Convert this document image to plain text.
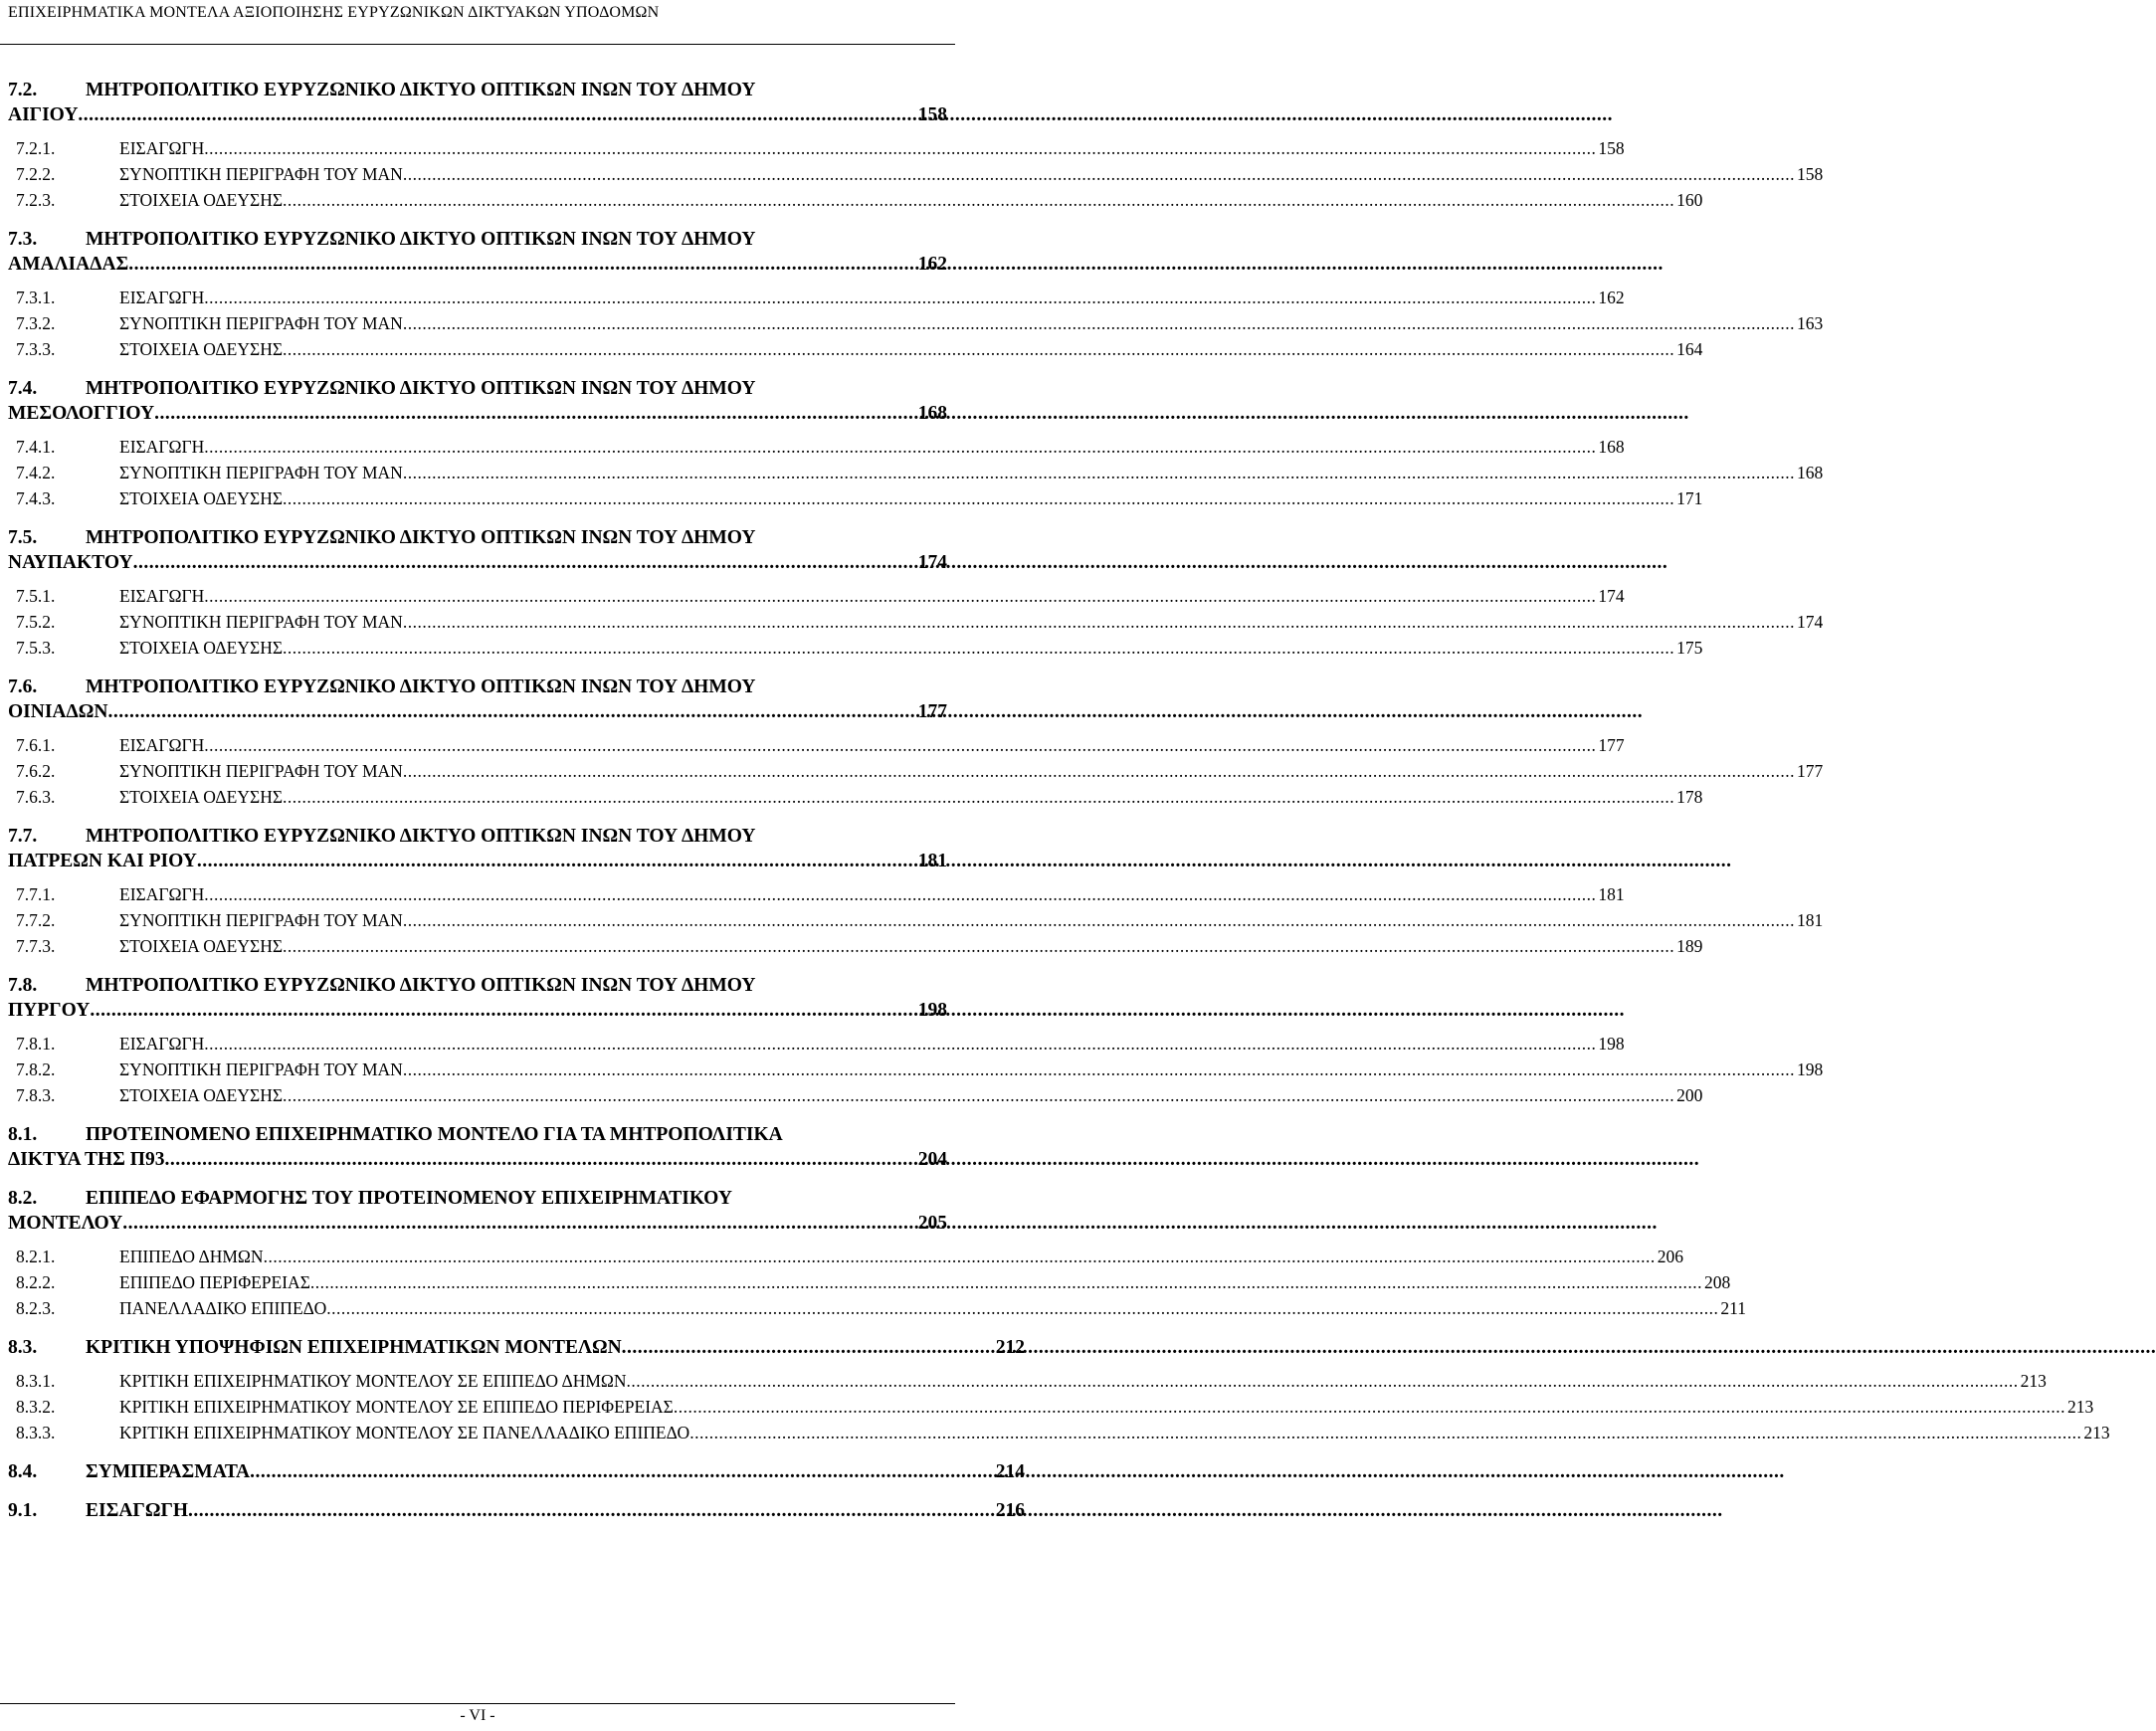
ΕΠΙΧΕΙΡΗΜΑΤΙΚΑ ΜΟΝΤΕΛΑ ΑΞΙΟΠΟΙΗΣΗΣ ΕΥΡΥΖΩΝΙΚΩΝ ΔΙΚΤΥΑΚΩΝ ΥΠΟΔΟΜΩΝ
7.2.	ΜΗΤΡΟΠΟΛΙΤΙΚΟ ΕΥΡΥΖΩΝΙΚΟ ΔΙΚΤΥΟ ΟΠΤΙΚΩΝ ΙΝΩΝ ΤΟΥ ΔΗΜΟΥ
ΑΙΓΙΟΥ .....	158
7.2.1.	ΕΙΣΑΓΩΓΗ .....	158
7.2.2.	ΣΥΝΟΠΤΙΚΗ ΠΕΡΙΓΡΑΦΗ ΤΟΥ MAN .....	158
7.2.3.	ΣΤΟΙΧΕΙΑ ΟΔΕΥΣΗΣ .....	160
7.3.	ΜΗΤΡΟΠΟΛΙΤΙΚΟ ΕΥΡΥΖΩΝΙΚΟ ΔΙΚΤΥΟ ΟΠΤΙΚΩΝ ΙΝΩΝ ΤΟΥ ΔΗΜΟΥ
ΑΜΑΛΙΑΔΑΣ .....	162
7.3.1.	ΕΙΣΑΓΩΓΗ .....	162
7.3.2.	ΣΥΝΟΠΤΙΚΗ ΠΕΡΙΓΡΑΦΗ ΤΟΥ MAN .....	163
7.3.3.	ΣΤΟΙΧΕΙΑ ΟΔΕΥΣΗΣ .....	164
7.4.	ΜΗΤΡΟΠΟΛΙΤΙΚΟ ΕΥΡΥΖΩΝΙΚΟ ΔΙΚΤΥΟ ΟΠΤΙΚΩΝ ΙΝΩΝ ΤΟΥ ΔΗΜΟΥ
ΜΕΣΟΛΟΓΓΙΟΥ .....	168
7.4.1.	ΕΙΣΑΓΩΓΗ .....	168
7.4.2.	ΣΥΝΟΠΤΙΚΗ ΠΕΡΙΓΡΑΦΗ ΤΟΥ MAN .....	168
7.4.3.	ΣΤΟΙΧΕΙΑ ΟΔΕΥΣΗΣ .....	171
7.5.	ΜΗΤΡΟΠΟΛΙΤΙΚΟ ΕΥΡΥΖΩΝΙΚΟ ΔΙΚΤΥΟ ΟΠΤΙΚΩΝ ΙΝΩΝ ΤΟΥ ΔΗΜΟΥ
ΝΑΥΠΑΚΤΟΥ .....	174
7.5.1.	ΕΙΣΑΓΩΓΗ .....	174
7.5.2.	ΣΥΝΟΠΤΙΚΗ ΠΕΡΙΓΡΑΦΗ ΤΟΥ MAN .....	174
7.5.3.	ΣΤΟΙΧΕΙΑ ΟΔΕΥΣΗΣ .....	175
7.6.	ΜΗΤΡΟΠΟΛΙΤΙΚΟ ΕΥΡΥΖΩΝΙΚΟ ΔΙΚΤΥΟ ΟΠΤΙΚΩΝ ΙΝΩΝ ΤΟΥ ΔΗΜΟΥ
ΟΙΝΙΑΔΩΝ .....	177
7.6.1.	ΕΙΣΑΓΩΓΗ .....	177
7.6.2.	ΣΥΝΟΠΤΙΚΗ ΠΕΡΙΓΡΑΦΗ ΤΟΥ MAN .....	177
7.6.3.	ΣΤΟΙΧΕΙΑ ΟΔΕΥΣΗΣ .....	178
7.7.	ΜΗΤΡΟΠΟΛΙΤΙΚΟ ΕΥΡΥΖΩΝΙΚΟ ΔΙΚΤΥΟ ΟΠΤΙΚΩΝ ΙΝΩΝ ΤΟΥ ΔΗΜΟΥ
ΠΑΤΡΕΩΝ ΚΑΙ ΡΙΟΥ .....	181
7.7.1.	ΕΙΣΑΓΩΓΗ .....	181
7.7.2.	ΣΥΝΟΠΤΙΚΗ ΠΕΡΙΓΡΑΦΗ ΤΟΥ MAN .....	181
7.7.3.	ΣΤΟΙΧΕΙΑ ΟΔΕΥΣΗΣ .....	189
7.8.	ΜΗΤΡΟΠΟΛΙΤΙΚΟ ΕΥΡΥΖΩΝΙΚΟ ΔΙΚΤΥΟ ΟΠΤΙΚΩΝ ΙΝΩΝ ΤΟΥ ΔΗΜΟΥ
ΠΥΡΓΟΥ .....	198
7.8.1.	ΕΙΣΑΓΩΓΗ .....	198
7.8.2.	ΣΥΝΟΠΤΙΚΗ ΠΕΡΙΓΡΑΦΗ ΤΟΥ MAN .....	198
7.8.3.	ΣΤΟΙΧΕΙΑ ΟΔΕΥΣΗΣ .....	200
8.1.	ΠΡΟΤΕΙΝΟΜΕΝΟ ΕΠΙΧΕΙΡΗΜΑΤΙΚΟ ΜΟΝΤΕΛΟ ΓΙΑ ΤΑ ΜΗΤΡΟΠΟΛΙΤΙΚΑ
ΔΙΚΤΥΑ ΤΗΣ Π93 .....	204
8.2.	ΕΠΙΠΕΔΟ ΕΦΑΡΜΟΓΗΣ ΤΟΥ ΠΡΟΤΕΙΝΟΜΕΝΟΥ ΕΠΙΧΕΙΡΗΜΑΤΙΚΟΥ
ΜΟΝΤΕΛΟΥ .....	205
8.2.1.	ΕΠΙΠΕΔΟ ΔΗΜΩΝ .....	206
8.2.2.	ΕΠΙΠΕΔΟ ΠΕΡΙΦΕΡΕΙΑΣ .....	208
8.2.3.	ΠΑΝΕΛΛΑΔΙΚΟ ΕΠΙΠΕΔΟ .....	211
8.3.	ΚΡΙΤΙΚΗ ΥΠΟΨΗΦΙΩΝ ΕΠΙΧΕΙΡΗΜΑΤΙΚΩΝ ΜΟΝΤΕΛΩΝ .....	212
8.3.1.	ΚΡΙΤΙΚΗ ΕΠΙΧΕΙΡΗΜΑΤΙΚΟΥ ΜΟΝΤΕΛΟΥ ΣΕ ΕΠΙΠΕΔΟ ΔΗΜΩΝ .....	213
8.3.2.	ΚΡΙΤΙΚΗ ΕΠΙΧΕΙΡΗΜΑΤΙΚΟΥ ΜΟΝΤΕΛΟΥ ΣΕ ΕΠΙΠΕΔΟ ΠΕΡΙΦΕΡΕΙΑΣ .....	213
8.3.3.	ΚΡΙΤΙΚΗ ΕΠΙΧΕΙΡΗΜΑΤΙΚΟΥ ΜΟΝΤΕΛΟΥ ΣΕ ΠΑΝΕΛΛΑΔΙΚΟ ΕΠΙΠΕΔΟ .....	213
8.4.	ΣΥΜΠΕΡΑΣΜΑΤΑ .....	214
9.1.	ΕΙΣΑΓΩΓΗ .....	216
- VI -
